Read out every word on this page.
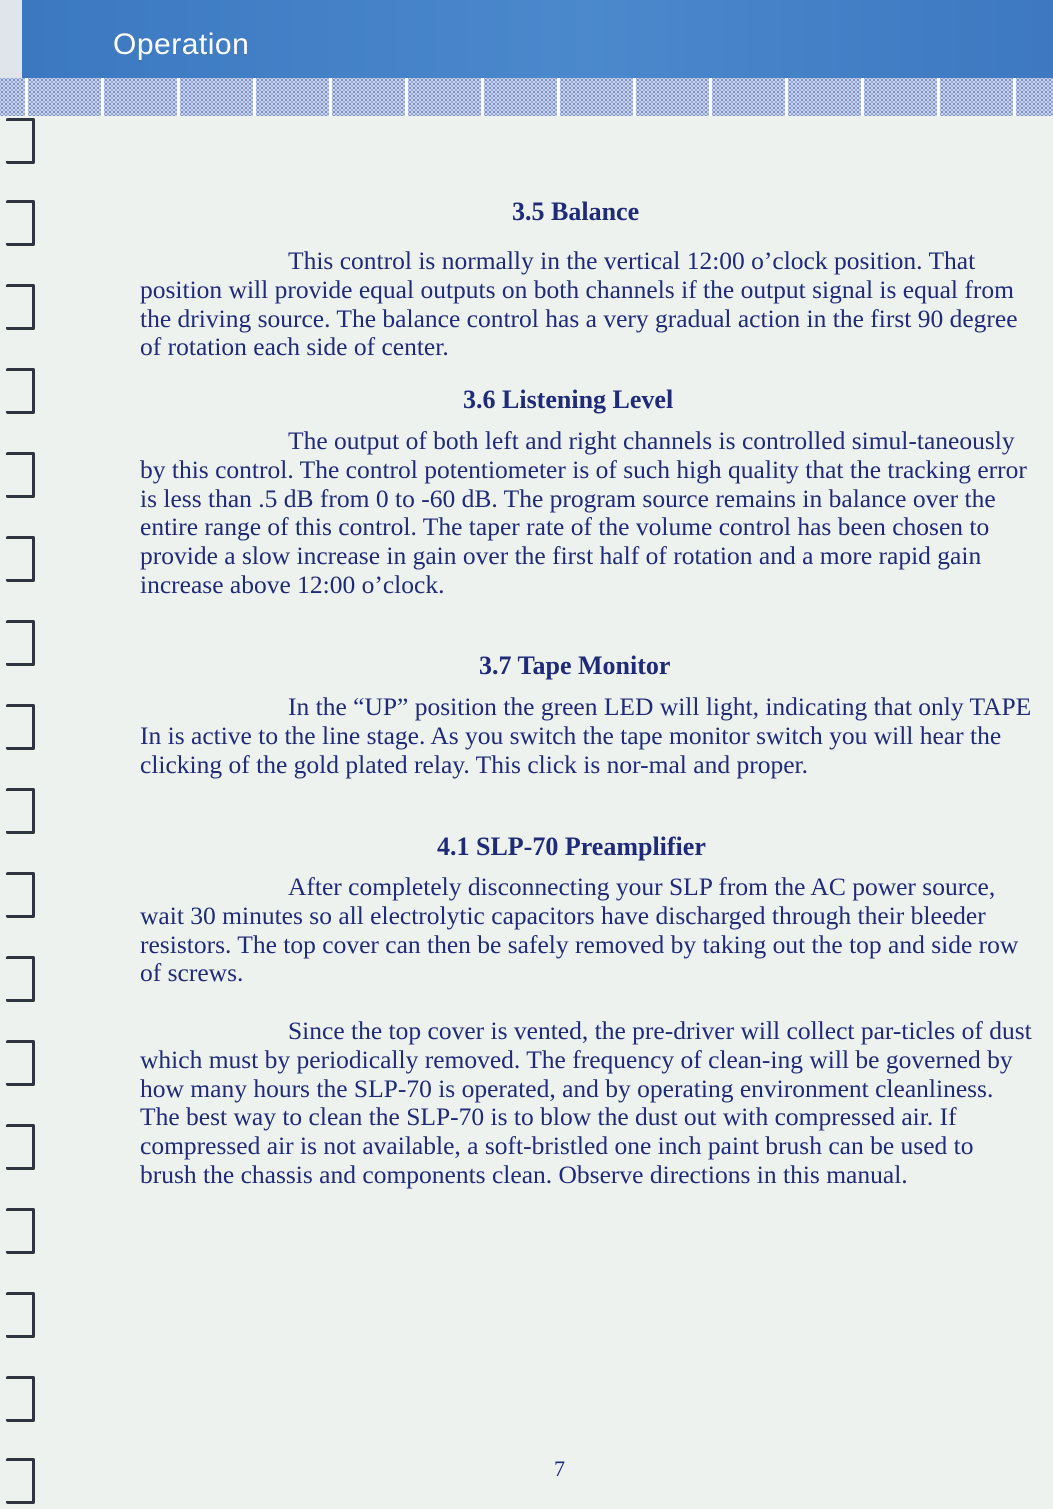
Operation
3.5 Balance

This control is normally in the vertical 12:00 o’clock position. That position will provide equal outputs on both channels if the output signal is equal from the driving source. The balance control has a very gradual action in the first 90 degree of rotation each side of center.

3.6 Listening Level

The output of both left and right channels is controlled simul-taneously by this control. The control potentiometer is of such high quality that the tracking error is less than .5 dB from 0 to -60 dB. The program source remains in balance over the entire range of this control. The taper rate of the volume control has been chosen to provide a slow increase in gain over the first half of rotation and a more rapid gain increase above 12:00 o’clock.

3.7 Tape Monitor

In the “UP” position the green LED will light, indicating that only TAPE In is active to the line stage. As you switch the tape monitor switch you will hear the clicking of the gold plated relay. This click is nor-mal and proper.

4.1 SLP-70 Preamplifier

After completely disconnecting your SLP from the AC power source, wait 30 minutes so all electrolytic capacitors have discharged through their bleeder resistors. The top cover can then be safely removed by taking out the top and side row of screws.

Since the top cover is vented, the pre-driver will collect par-ticles of dust which must by periodically removed. The frequency of clean-ing will be governed by how many hours the SLP-70 is operated, and by operating environment cleanliness. The best way to clean the SLP-70 is to blow the dust out with compressed air. If compressed air is not available, a soft-bristled one inch paint brush can be used to brush the chassis and components clean. Observe directions in this manual.

7
